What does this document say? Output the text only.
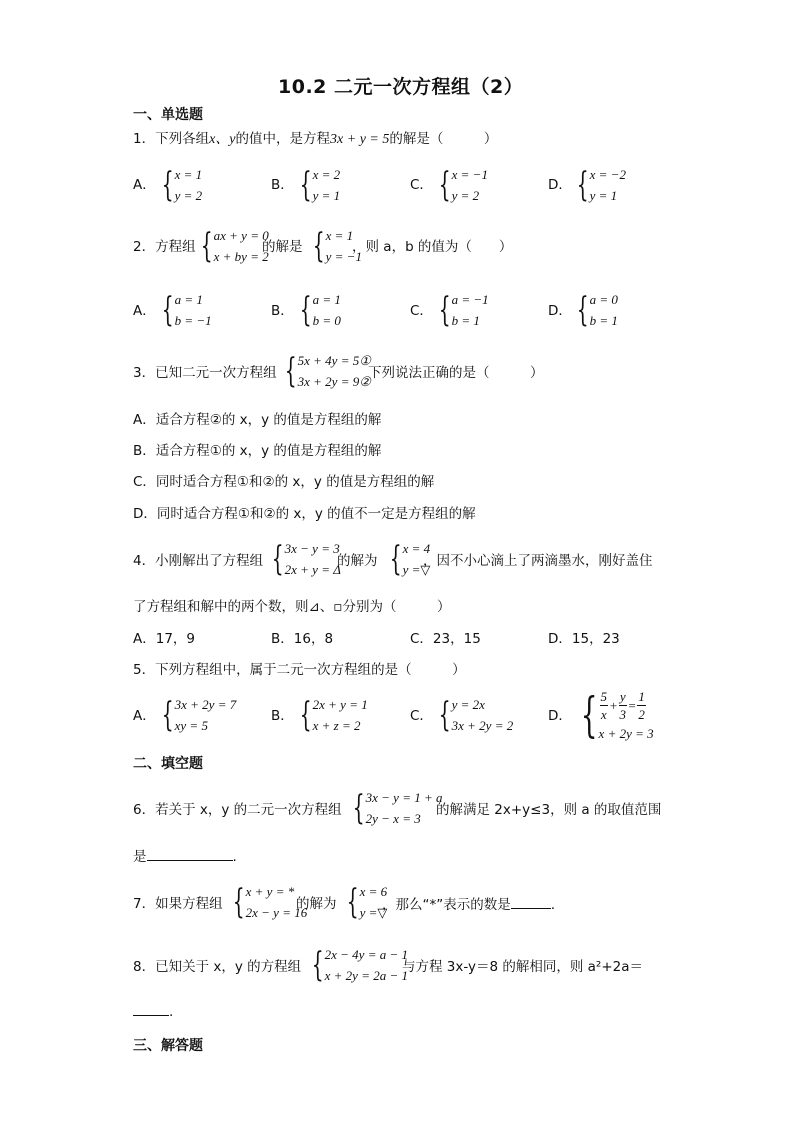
10.2 二元一次方程组（2）
一、单选题
1．下列各组x、y的值中，是方程3x + y = 5的解是（　　　）
A． { x = 1
y = 2
B． { x = 2
y = 1
C． { x = −1
y = 2
D． { x = −2
y = 1
2．方程组 { ax + y = 0
x + by = 2
的解是 { x = 1
y = −1
，则 a，b 的值为（　　）
A． { a = 1
b = −1
B． { a = 1
b = 0
C． { a = −1
b = 1
D． { a = 0
b = 1
3．已知二元一次方程组 { 5x + 4y = 5①
3x + 2y = 9②
下列说法正确的是（　　　）
A．适合方程②的 x，y 的值是方程组的解
B．适合方程①的 x，y 的值是方程组的解
C．同时适合方程①和②的 x，y 的值是方程组的解
D．同时适合方程①和②的 x，y 的值不一定是方程组的解
4．小刚解出了方程组 { 3x − y = 3
2x + y = Δ
的解为 { x = 4
y =▽
，因不小心滴上了两滴墨水，刚好盖住
了方程组和解中的两个数，则⊿、▫分别为（　　　）
A．17，9	B．16，8	C．23，15	D．15，23
5．下列方程组中，属于二元一次方程组的是（　　　）
A． { 3x + 2y = 7
xy = 5
B． { 2x + y = 1
x + z = 2
C． { y = 2x
3x + 2y = 2
D． { $\frac{5}{x} + \frac{y}{3} = \frac{1}{2}$
x + 2y = 3
二、填空题
6．若关于 x，y 的二元一次方程组 { 3x − y = 1 + a
2y − x = 3
的解满足 2x+y≤3，则 a 的取值范围
是	.
7．如果方程组 { x + y = *
2x − y = 16
的解为 { x = 6
y =▽
，那么“*”表示的数是	.
8．已知关于 x，y 的方程组 { 2x − 4y = a − 1
x + 2y = 2a − 1
与方程 3x-y＝8 的解相同，则 a²+2a＝
.
三、解答题
